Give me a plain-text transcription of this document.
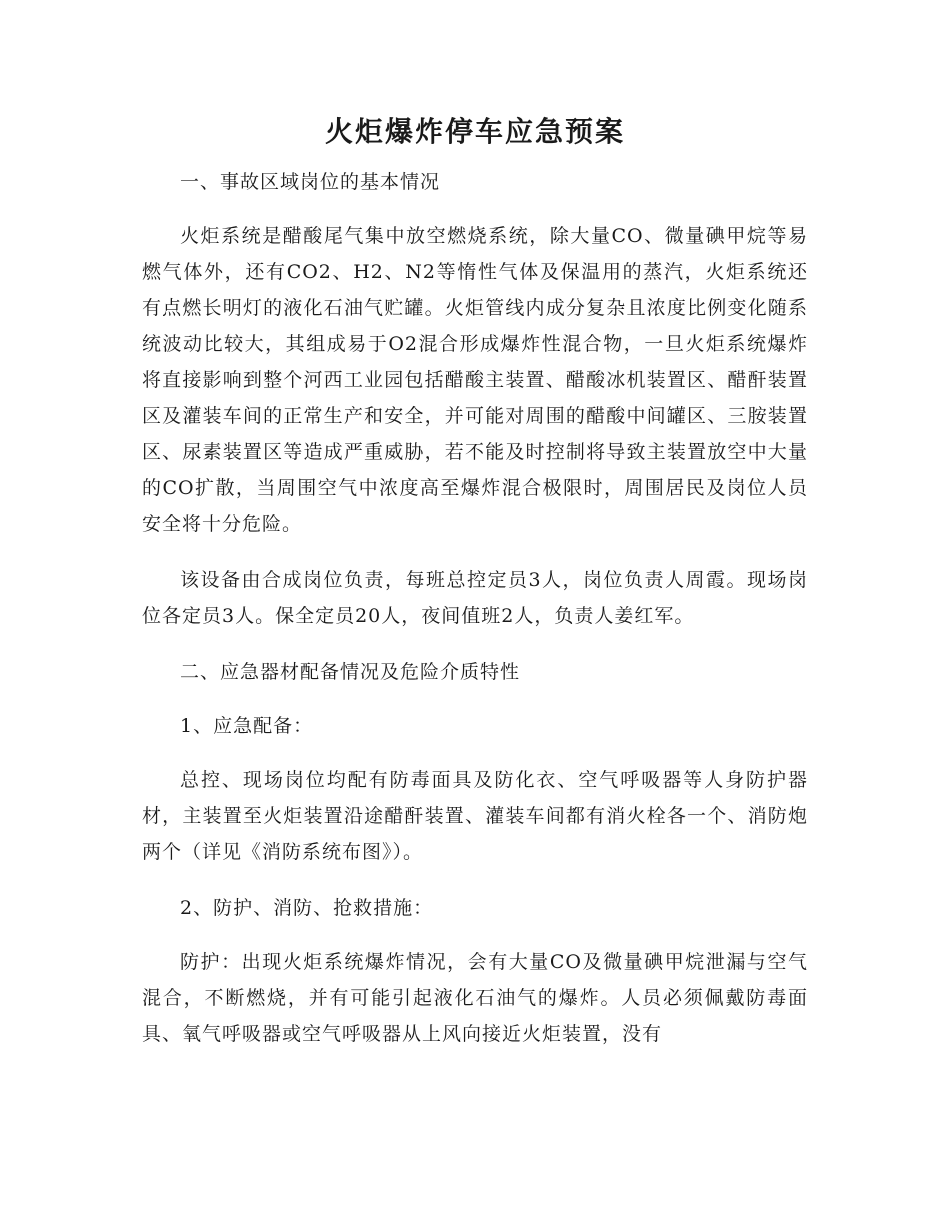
火炬爆炸停车应急预案

一、事故区域岗位的基本情况

火炬系统是醋酸尾气集中放空燃烧系统，除大量CO、微量碘甲烷等易燃气体外，还有CO2、H2、N2等惰性气体及保温用的蒸汽，火炬系统还有点燃长明灯的液化石油气贮罐。火炬管线内成分复杂且浓度比例变化随系统波动比较大，其组成易于O2混合形成爆炸性混合物，一旦火炬系统爆炸将直接影响到整个河西工业园包括醋酸主装置、醋酸冰机装置区、醋酐装置区及灌装车间的正常生产和安全，并可能对周围的醋酸中间罐区、三胺装置区、尿素装置区等造成严重威胁，若不能及时控制将导致主装置放空中大量的CO扩散，当周围空气中浓度高至爆炸混合极限时，周围居民及岗位人员安全将十分危险。

该设备由合成岗位负责，每班总控定员3人，岗位负责人周霞。现场岗位各定员3人。保全定员20人，夜间值班2人，负责人姜红军。

二、应急器材配备情况及危险介质特性

1、应急配备：

总控、现场岗位均配有防毒面具及防化衣、空气呼吸器等人身防护器材，主装置至火炬装置沿途醋酐装置、灌装车间都有消火栓各一个、消防炮两个（详见《消防系统布图》）。

2、防护、消防、抢救措施：

防护：出现火炬系统爆炸情况，会有大量CO及微量碘甲烷泄漏与空气混合，不断燃烧，并有可能引起液化石油气的爆炸。人员必须佩戴防毒面具、氧气呼吸器或空气呼吸器从上风向接近火炬装置，没有
